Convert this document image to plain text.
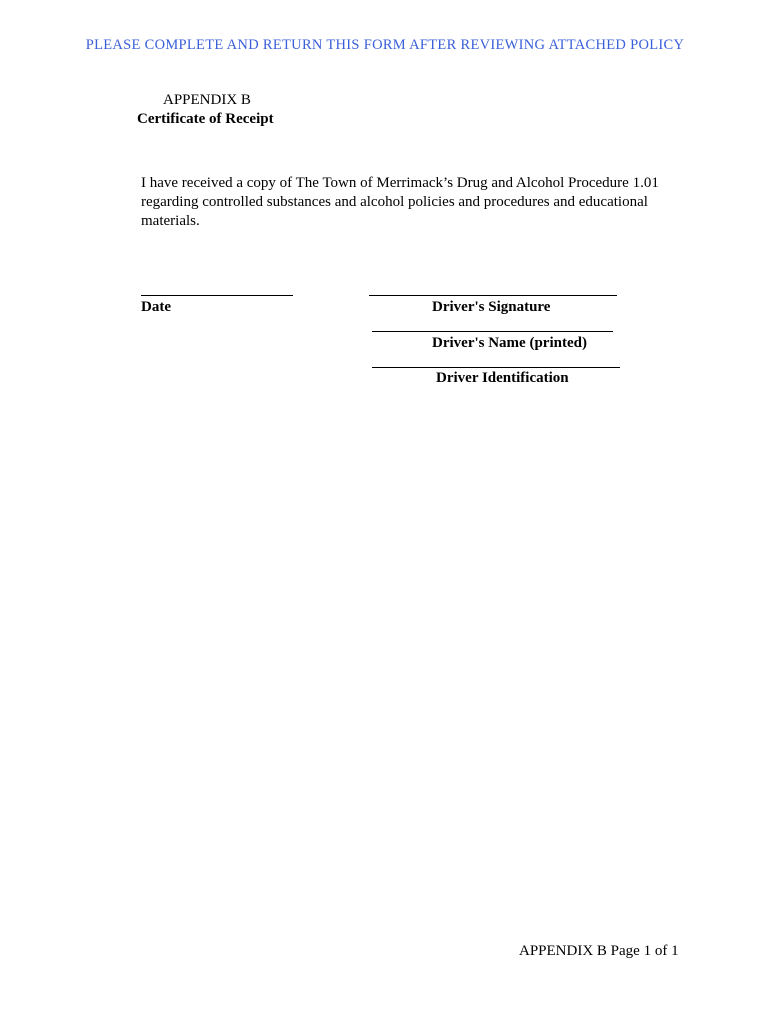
PLEASE COMPLETE AND RETURN THIS FORM AFTER REVIEWING ATTACHED POLICY
APPENDIX B
Certificate of Receipt
I have received a copy of The Town of Merrimack’s Drug and Alcohol Procedure 1.01 regarding controlled substances and alcohol policies and procedures and educational materials.
Date	Driver's Signature
Driver's Name (printed)
Driver Identification
APPENDIX B Page 1 of 1
